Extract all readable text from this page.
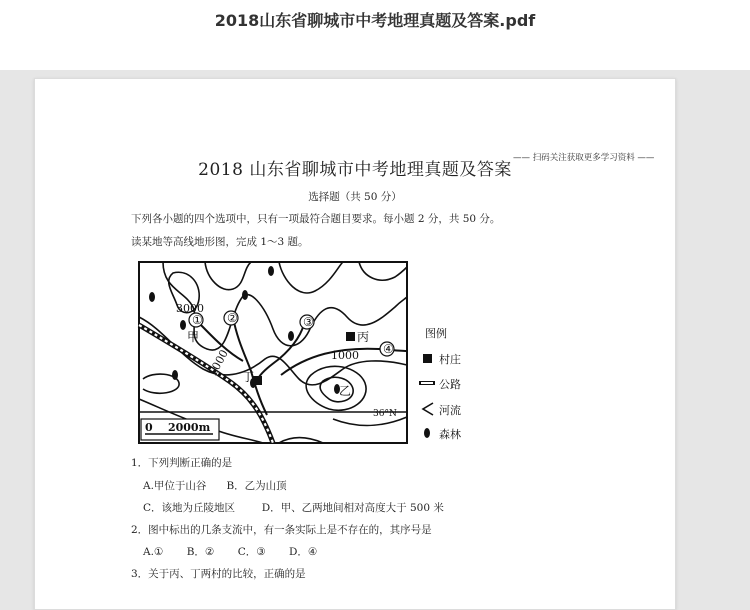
2018山东省聊城市中考地理真题及答案.pdf
2018 山东省聊城市中考地理真题及答案
—— 扫码关注获取更多学习资料 ——
选择题（共 50 分）
下列各小题的四个选项中，只有一项最符合题目要求。每小题 2 分，共 50 分。
读某地等高线地形图，完成 1～3 题。
3000
① ②	③
④
甲	丙
丁
乙
1000
1000
36°N
0    2000m
图例
村庄
公路
河流
森林
1．下列判断正确的是
A.甲位于山谷      B．乙为山顶
C．该地为丘陵地区        D．甲、乙两地间相对高度大于 500 米
2．图中标出的几条支流中，有一条实际上是不存在的，其序号是
A.①       B．②       C．③       D．④
3．关于丙、丁两村的比较，正确的是
